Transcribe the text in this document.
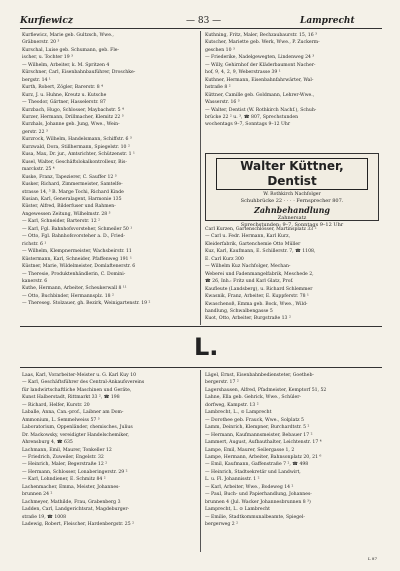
Kurfiewicz	— 83 —	Lamprecht

Kurfiewicz, Marie geb. Gultzsch, Wwe.,

Gräbnerstr. 20 ³

Kurschal, Luise geb. Schumann, geb. Fle-

ischer, u. Tochter 19 ³

— Wilhelm, Arbeiter, k. M. Spritzen 4

Kürschner, Carl, Eisenbahnbauführer, Droschke-

bergstr. 14 ¹

Kurth, Robert, Zögler, Barerstr. 8 ⁴

Kurz, J. u. Huhne, Kreutz u. Kutsche

— Theodor, Gärtner, Hasselerstr. 87

Kurzbach, Hugo, Schlosser, Maybachstr. 5 ⁴

Kurzer, Hermann, Drillmacher, Klemitz 22 ³

Kurzhals, Johanne geb. Jung, Wwe., Wein-

gerstr. 22 ³

Kurzrock, Wilhelm, Handelsmann, Schiffstr. 6 ³

Kurzwald, Dora, Stillhermann, Spiegelstr. 10 ²

Kusa, Max, Dr. jur., Amtsrichter, Schützenstr. 1 ¹

Kusel, Walter, Geschäftslokalkontrolleur, Bis-

marckstr. 25 ⁴

Kuske, Franz, Tapezierer, C. Sauffer 12 ³

Kusker, Richard, Zimmermeister, Samtelfe-

strasse 14, ⁵ B. Marge Tochi, Richard Kinde

Kusian, Karl, Generalagent, Harmonie 135

Küster, Alfred, Bilderfuser und Rahmen-

Angewessen Zeitung, Wilhelmstr. 28 ³

— Karl, Schneider, Barterstr. 12 ²

— Karl, Fgl. Bahnhofsvorsteher, Schmeiler 50 ¹

— Otto, Fgl. Bahnhofsvorsteher a. D., Fried-

richstr. 6 ¹

— Wilhelm, Klempnermeister, Wachsbeirstr. 11

Küstermann, Karl, Schneider, Pfaffenweg 191 ¹

Küstner, Marie, Wildelmeister, Domlaftenerstr. 6

— Theresie, Produktenhändlerin, C. Domini-

kanerstr. 6

Kuthe, Hermann, Arbeiter, Scheukerwall 8 ¹¹

— Otto, Buchbinder, Hermannsplz. 18 ²

— Thereseg. Stolzauer, gh. Bezirk, Weinigartenstr. 19 ²

Kuthning, Fritz, Maler, Bechzaubaurstr. 15, 16 ³

Kutscher, Mariette geb. Werk, Wwe., P. Zuckerm-

geschen 10 ³

— Friederike, Nadelgewegten, Lindenweg 24 ³

— Willy, Gehirnhof der Kläderbaumont Nacher-

hof, 9, 4, 2, 9, Weberstrasse 39 ¹

Kuthner, Hermann, Eisenbahnfahrwärter, Wal-

hstraße 8 ²

Küttner, Camille geb. Goldmann, Lehrer-Wwe.,

Wasserstr. 16 ³

— Walter, Dentist (W. Rothkirch Nachf.), Schuh-

brücke 22 ² u. ³, ☎ 807, Sprechstunden

wochentags 9–7, Sonntags 9–12 Uhr

Walter Küttner, Dentist
W. Rothkirch Nachfolger
Schuhbrücke 22 · · · · Fernsprecher 807.
Zahnbehandlung
Zahnersatz
Sprechstunden: 9–7, Sonntags 9–12 Uhr

Carl Kurzen, Gartenschlösser, Martinsplatz 33 ²

— Carl u. Fedr. Hermann, Karl Kurz,

Kleiderfabrik, Gartenchemie Otto Müller

Kuz, Karl, Kaufmann, E. Schillerstr. 7, ☎ 1108,

E. Carl Kurz 300

— Wilhelm Kuz Nachfolger, Mechan-

Weberei und Fadenmangelfabrik, Meschede 2,

☎ 26, Inh.: Fritz und Karl Glatz, Prof.

Kaufleute (Landsberg), u. Richard Schlemmer

Kwasnik, Franz, Arbeiter, E. Kuppferstr. 78 ¹

Kwaschenoß, Emma geb. Bock, Wwe., Wild-

handlung, Schwalbengasse 5

Kuot, Otto, Arbeiter, Burgstraße 13 ²

L.

Laas, Karl, Vorarbeiter-Meister u. G. Karl Kuy 10

— Karl, Geschäftsführer des Central-Ankaufsvereins

für landwirtschaftliche Maschinen und Geräte,

Kunst Halberstadt, Rittmarkt 33 ², ☎ 198

— Richard, Helfer, Kurstr. 20

Laballe, Anna, Can.-prof., Laibner am Dom-

Ammonium, L. Semmelweiss 57 ³

Laboratorium, Oppenländer, chemisches, Julius

Dr. Mackowsky, vereidigter Handelschemiker,

Ahrensburg 4, ☎ 635

Lachmann, Emil, Maurer, Tonkeller 12

— Friedrich, Zuweiler, Engelstr. 32

— Heinrich, Maler, Begerstraße 12 ²

— Hermann, Schlosser, Lonaberingerstr. 29 ²

— Karl, Lohndiener, E. Schmitz 84 ²

Lachenmacher, Emma, Meister, Johannes-

brunnen 24 ²

Lachmeyer, Mathilde, Frau, Grabenberg 3

Ladden, Carl, Landgerichtsrat, Magdeburger-

straße 19, ☎ 1008

Ladewig, Robert, Fleischer, Hardenbergstr. 25 ²

Lägel, Ernst, Eisenbahnbediensteter, Goetheb-

bergerstr. 17 ²

Lagershausen, Alfred, Pfadmeister, Kemptorf 51, 52

Lahne, Ella geb. Gehrick, Wwe., Schüler-

dorfweg, Kampstr. 13 ²

Lambrecht, L., ⊙ Lamprecht

— Dorothee geb. Frauck, Wwe., Solplatz 5

Lamm, Deinrich, Klempner, Burchardtstr. 5 ²

— Hermann, Kaufmannsmeister, Bebauer 17 ²

Lammert, August, Aufbauthalter, Leichtenstr. 17 ⁴

Lampe, Emil, Maurer, Seilergasse 1, 2

Lampe, Hermann, Arbeiter, Bahnsonplatz 20, 21 ⁶

— Emil, Kaufmann, Gaffenstraße 7 ², ☎ 498

— Heinrich, Stadtsekretär und Landwirt,

L. u. Fl. Johannisstr. 1 ²

— Karl, Arbeiter, Wwe., Bodeweg 14 ²

— Paul, Buch- und Papierhandlung, Johannes-

brunnen 4 (Jul. Wacker Johannesbrunnen 8 ³)

Lamprecht, L. ⊙ Lambrecht

— Emilie, Stadtkommunalbeamte, Spiegel-

bergerweg 2 ²

L 87
